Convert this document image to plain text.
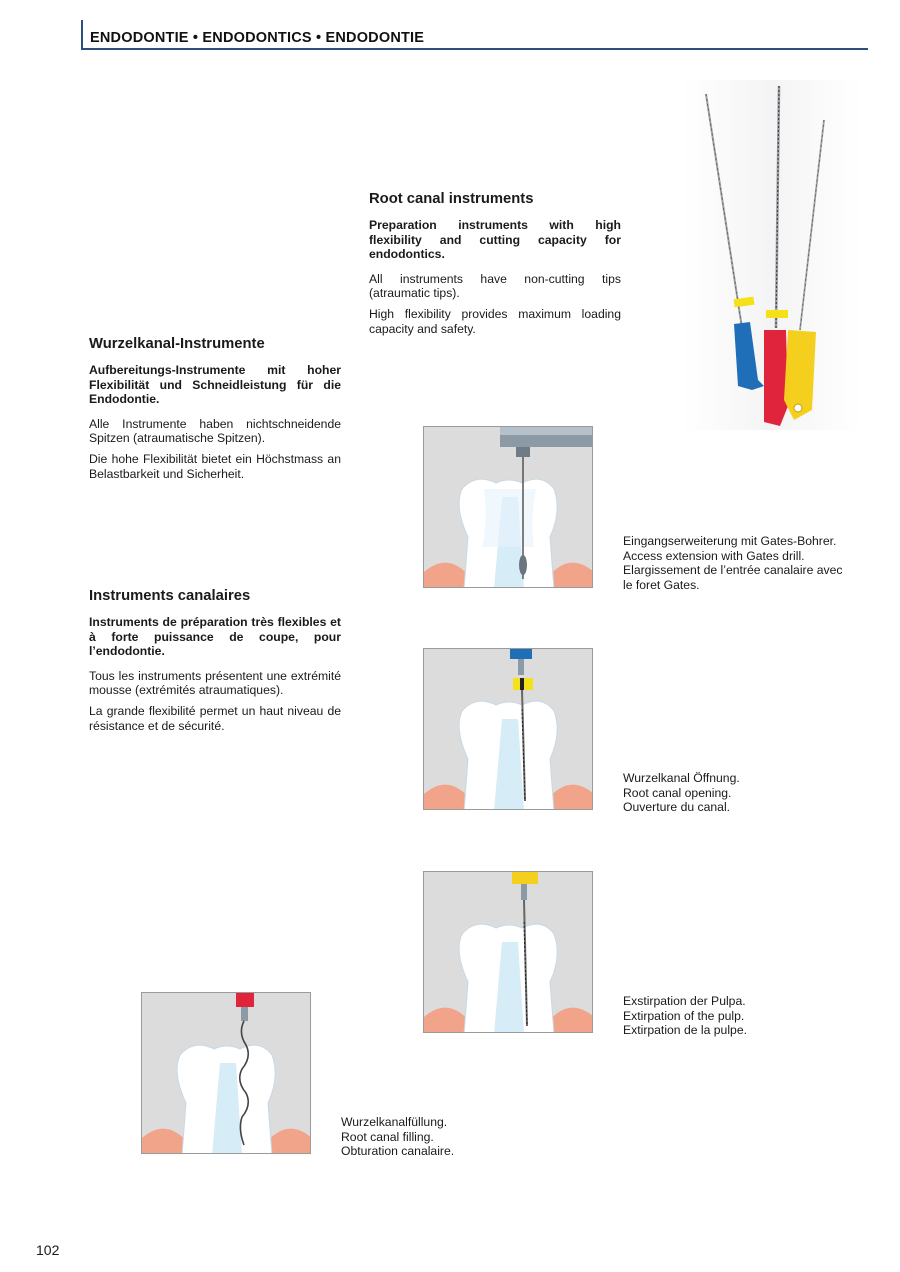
ENDODONTIE • ENDODONTICS • ENDODONTIE
Root canal instruments

Preparation instruments with high flexibility and cutting capacity for endodontics.

All instruments have non-cutting tips (atraumatic tips).

High flexibility provides maximum loading capacity and safety.

Wurzelkanal-Instrumente

Aufbereitungs-Instrumente mit hoher Flexibilität und Schneidleistung für die Endodontie.

Alle Instrumente haben nichtschneidende Spitzen (atraumatische Spitzen).

Die hohe Flexibilität bietet ein Höchstmass an Belastbarkeit und Sicherheit.

Instruments canalaires

Instruments de préparation très flexibles et à forte puissance de coupe, pour l’endodontie.

Tous les instruments présentent une extrémité mousse (extrémités atraumatiques).

La grande flexibilité permet un haut niveau de résistance et de sécurité.

Eingangserweiterung mit Gates-Bohrer.
Access extension with Gates drill.
Elargissement de l’entrée canalaire avec
le foret Gates.
Wurzelkanal Öffnung.
Root canal opening.
Ouverture du canal.
Exstirpation der Pulpa.
Extirpation of the pulp.
Extirpation de la pulpe.
Wurzelkanalfüllung.
Root canal filling.
Obturation canalaire.
102
